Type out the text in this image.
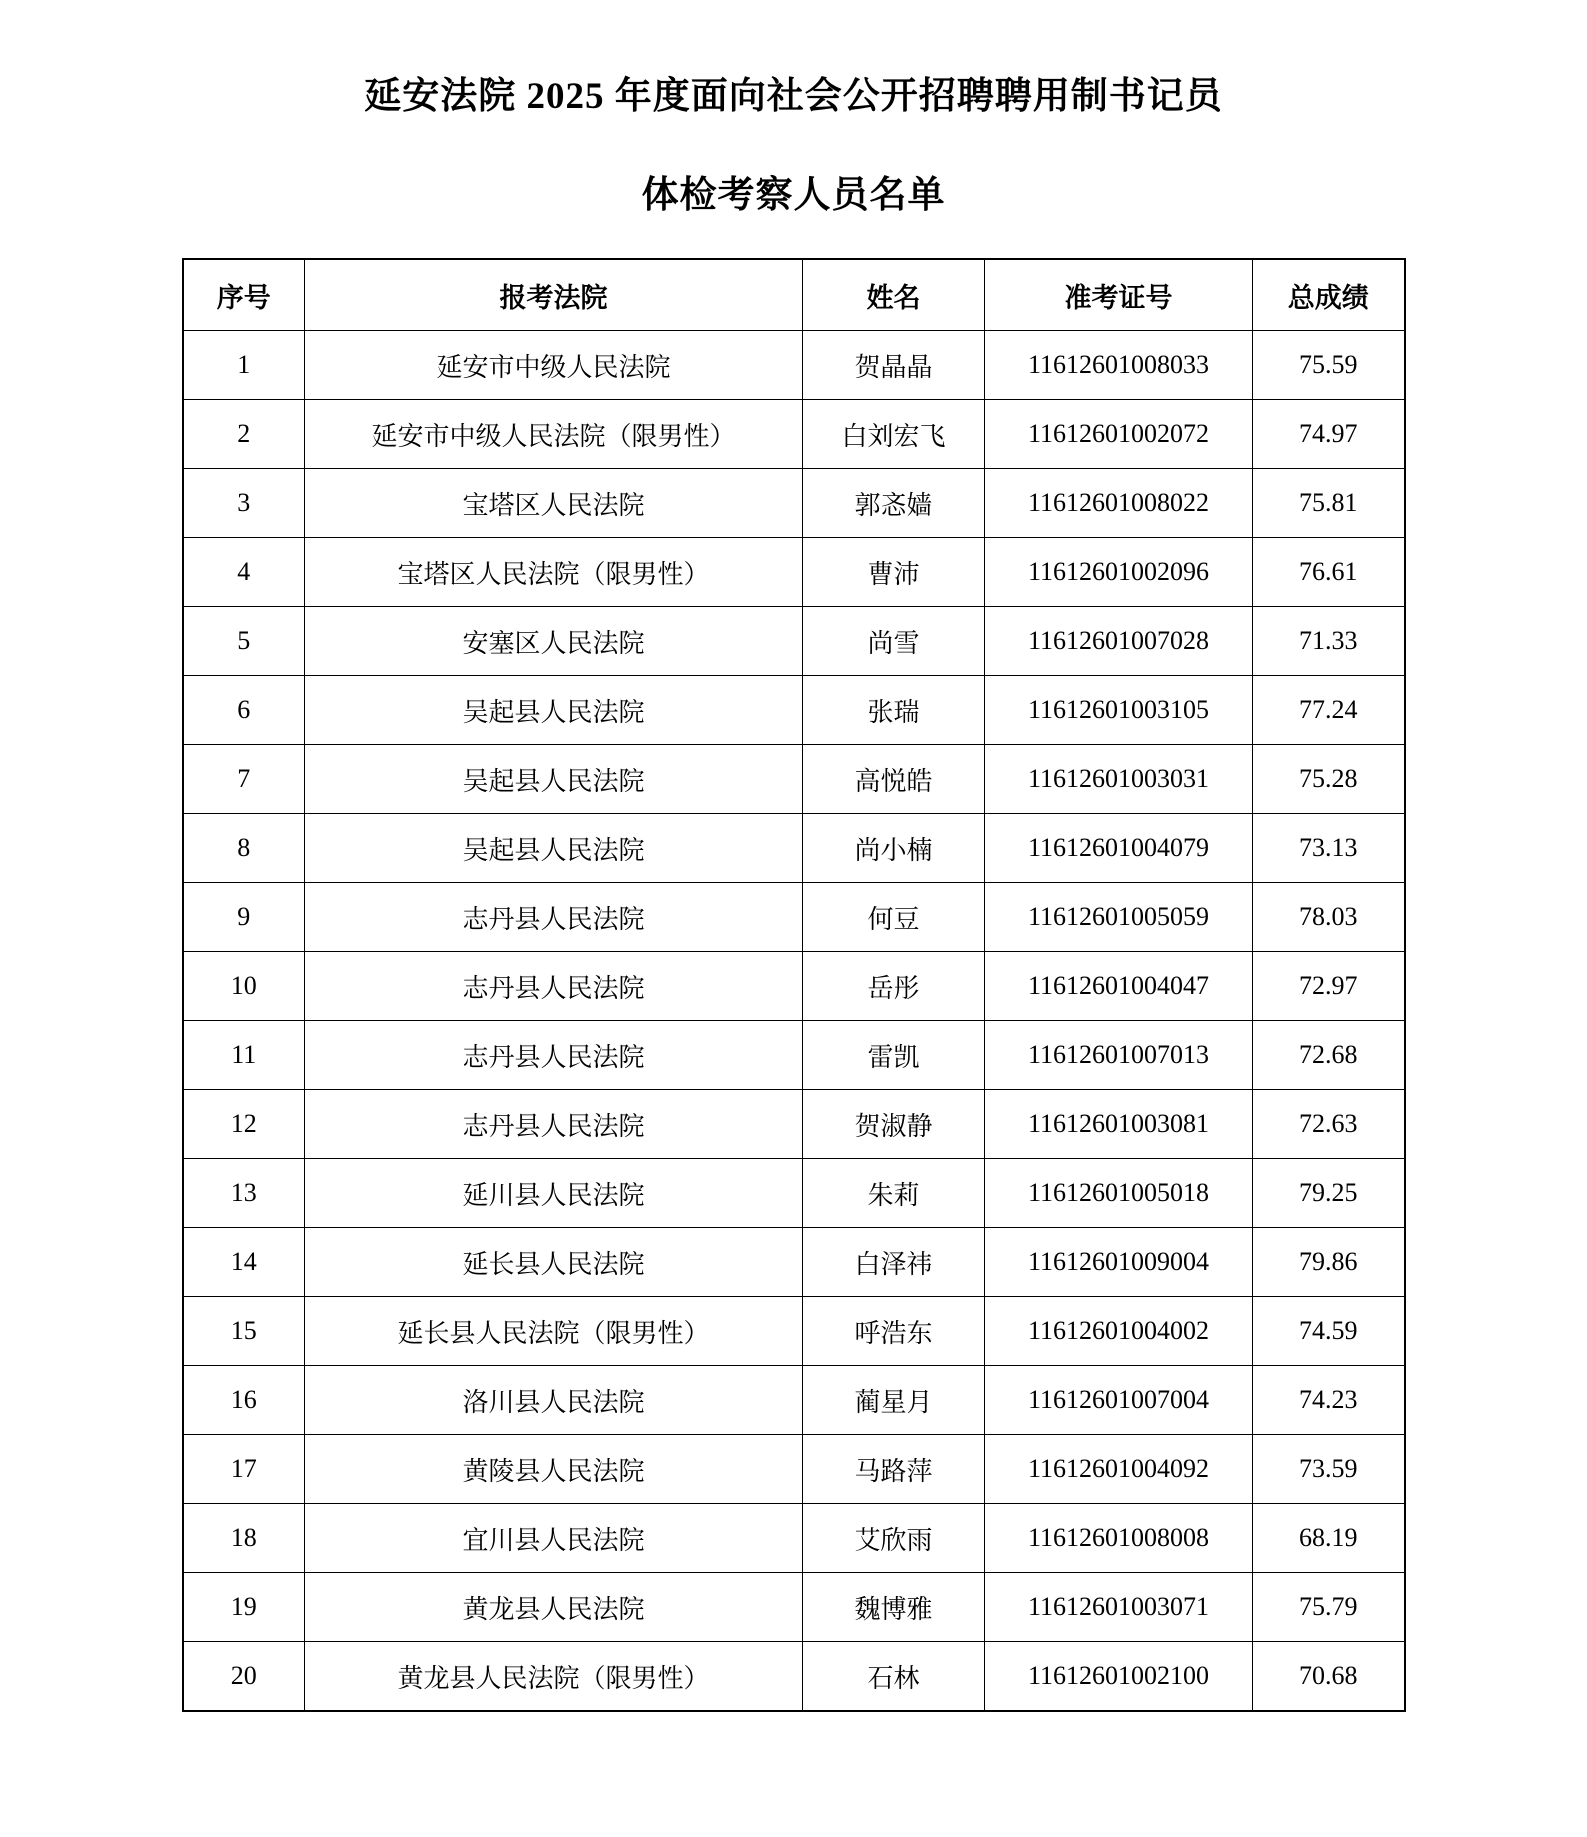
延安法院 2025 年度面向社会公开招聘聘用制书记员
体检考察人员名单
序号	报考法院	姓名	准考证号	总成绩
1	延安市中级人民法院	贺晶晶	11612601008033	75.59
2	延安市中级人民法院（限男性）	白刘宏飞	11612601002072	74.97
3	宝塔区人民法院	郭忞嫱	11612601008022	75.81
4	宝塔区人民法院（限男性）	曹沛	11612601002096	76.61
5	安塞区人民法院	尚雪	11612601007028	71.33
6	吴起县人民法院	张瑞	11612601003105	77.24
7	吴起县人民法院	高悦皓	11612601003031	75.28
8	吴起县人民法院	尚小楠	11612601004079	73.13
9	志丹县人民法院	何豆	11612601005059	78.03
10	志丹县人民法院	岳彤	11612601004047	72.97
11	志丹县人民法院	雷凯	11612601007013	72.68
12	志丹县人民法院	贺淑静	11612601003081	72.63
13	延川县人民法院	朱莉	11612601005018	79.25
14	延长县人民法院	白泽祎	11612601009004	79.86
15	延长县人民法院（限男性）	呼浩东	11612601004002	74.59
16	洛川县人民法院	蔺星月	11612601007004	74.23
17	黄陵县人民法院	马路萍	11612601004092	73.59
18	宜川县人民法院	艾欣雨	11612601008008	68.19
19	黄龙县人民法院	魏博雅	11612601003071	75.79
20	黄龙县人民法院（限男性）	石林	11612601002100	70.68
